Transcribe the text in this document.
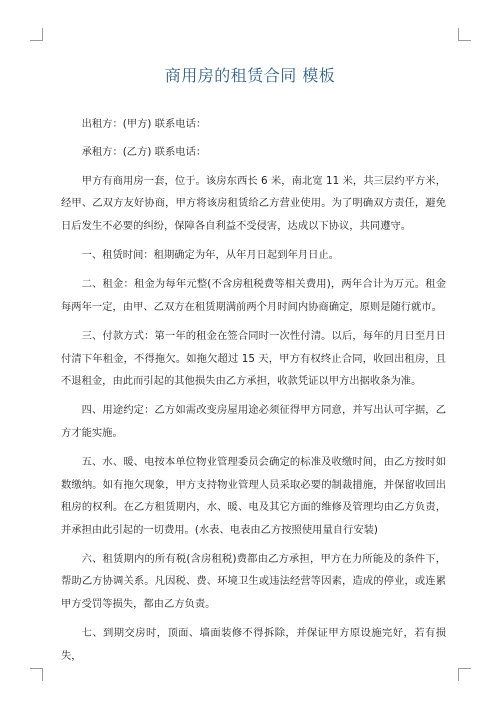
商用房的租赁合同 模板

出租方：(甲方) 联系电话：

承租方：(乙方) 联系电话：

甲方有商用房一套，位于。该房东西长 6 米，南北宽 11 米，共三层约平方米，经甲、乙双方友好协商，甲方将该房租赁给乙方营业使用。为了明确双方责任，避免日后发生不必要的纠纷，保障各自利益不受侵害，达成以下协议，共同遵守。

一、租赁时间：租期确定为年，从年月日起到年月日止。

二、租金：租金为每年元整(不含房租税费等相关费用)，两年合计为万元。租金每两年一定，由甲、乙双方在租赁期满前两个月时间内协商确定，原则是随行就市。

三、付款方式：第一年的租金在签合同时一次性付清。以后，每年的月日至月日付清下年租金，不得拖欠。如拖欠超过 15 天，甲方有权终止合同，收回出租房，且不退租金，由此而引起的其他损失由乙方承担，收款凭证以甲方出据收条为准。

四、用途约定：乙方如需改变房屋用途必须征得甲方同意，并写出认可字据，乙方才能实施。

五、水、暖、电按本单位物业管理委员会确定的标准及收缴时间，由乙方按时如数缴纳。如有拖欠现象，甲方支持物业管理人员采取必要的制裁措施，并保留收回出租房的权利。在乙方租赁期内，水、暖、电及其它方面的维修及管理均由乙方负责，并承担由此引起的一切费用。(水表、电表由乙方按照使用量自行安装)

六、租赁期内的所有税(含房租税)费都由乙方承担，甲方在力所能及的条件下，帮助乙方协调关系。凡因税、费、环境卫生或违法经营等因素，造成的停业，或连累甲方受罚等损失，都由乙方负责。

七、到期交房时，顶面、墙面装修不得拆除，并保证甲方原设施完好，若有损失，
